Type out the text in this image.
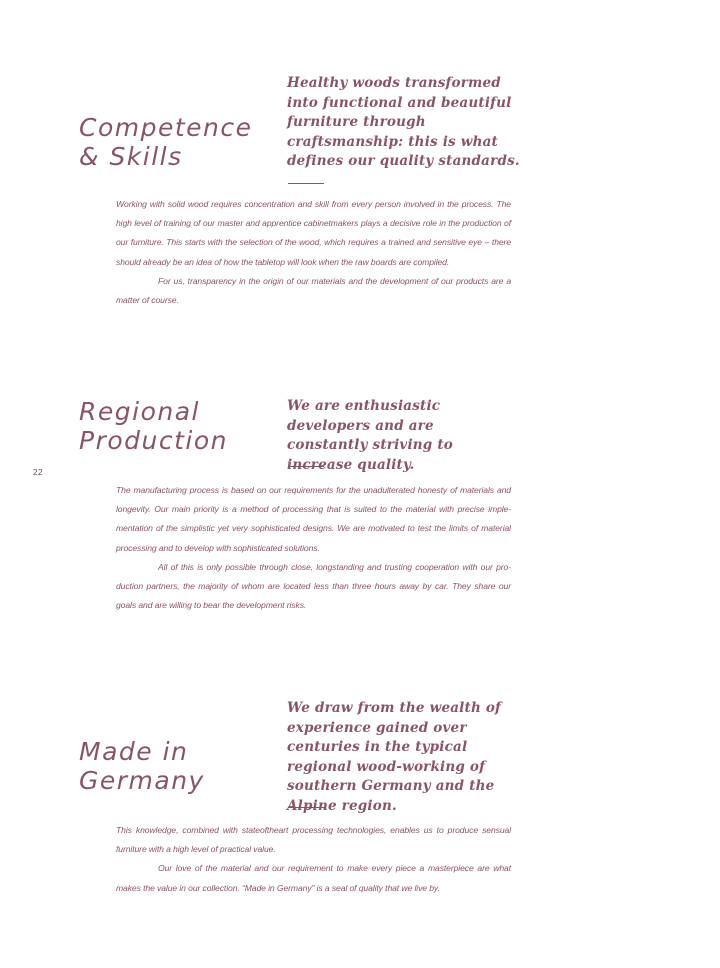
Competence
& Skills

Healthy woods transformed into functional and beautiful furniture through craftsmanship: this is what defines our quality standards.

Working with solid wood requires concentration and skill from every person involved in the process. The high level of training of our master and apprentice cabinetmakers plays a decisive role in the production of our furniture. This starts with the selection of the wood, which requires a trained and sensitive eye – there should already be an idea of how the tabletop will look when the raw boards are compiled.

For us, transparency in the origin of our materials and the development of our products are a matter of course.

Regional
Production

We are enthusiastic developers and are constantly striving to increase quality.

The manufacturing process is based on our requirements for the unadulterated honesty of materials and longevity. Our main priority is a method of processing that is suited to the material with precise imple-mentation of the simplistic yet very sophisticated designs. We are motivated to test the limits of material processing and to develop with sophisticated solutions.

All of this is only possible through close, longstanding and trusting cooperation with our pro-duction partners, the majority of whom are located less than three hours away by car. They share our goals and are willing to bear the development risks.

22
Made in
Germany

We draw from the wealth of experience gained over centuries in the typical regional wood-working of southern Germany and the Alpine region.

This knowledge, combined with stateoftheart processing technologies, enables us to produce sensual furniture with a high level of practical value.

Our love of the material and our requirement to make every piece a masterpiece are what makes the value in our collection. “Made in Germany” is a seal of quality that we live by.
